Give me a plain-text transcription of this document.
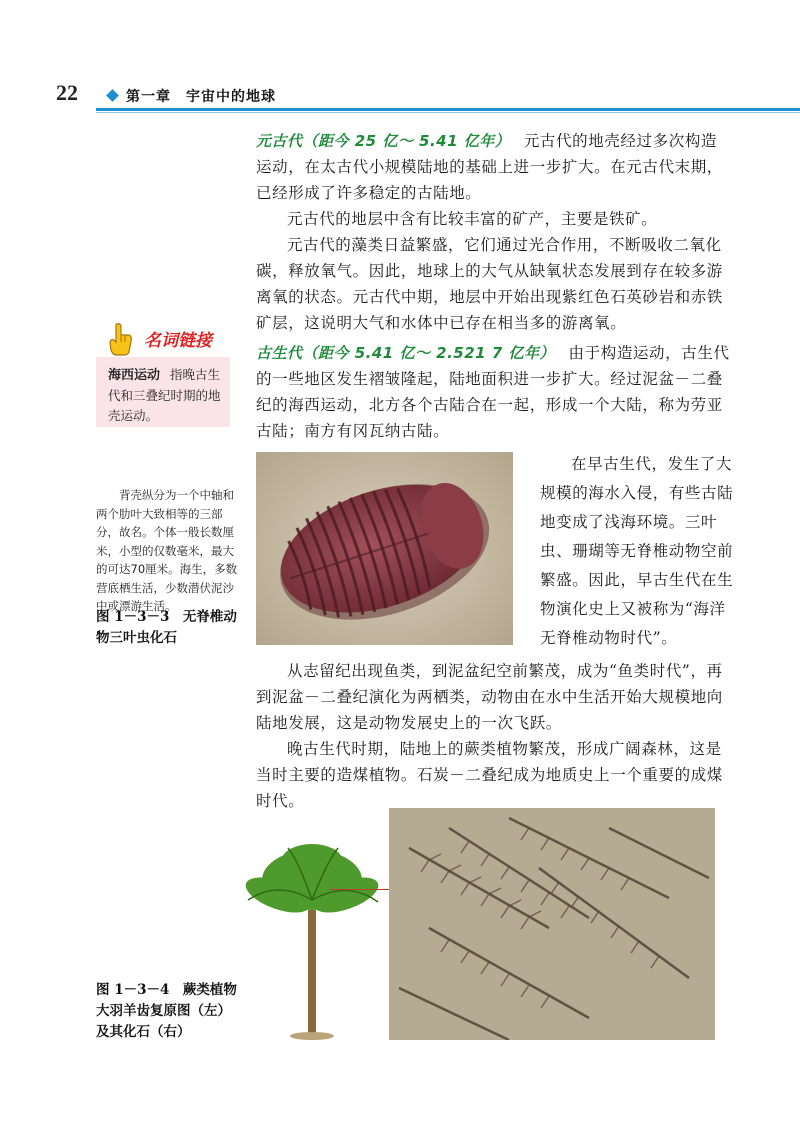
22	第一章　宇宙中的地球
元古代（距今 25 亿～ 5.41 亿年） 元古代的地壳经过多次构造运动，在太古代小规模陆地的基础上进一步扩大。在元古代末期，已经形成了许多稳定的古陆地。
元古代的地层中含有比较丰富的矿产，主要是铁矿。
元古代的藻类日益繁盛，它们通过光合作用，不断吸收二氧化碳，释放氧气。因此，地球上的大气从缺氧状态发展到存在较多游离氧的状态。元古代中期，地层中开始出现紫红色石英砂岩和赤铁矿层，这说明大气和水体中已存在相当多的游离氧。
名词链接
海西运动 指晚古生代和三叠纪时期的地壳运动。
古生代（距今 5.41 亿～ 2.521 7 亿年） 由于构造运动，古生代的一些地区发生褶皱隆起，陆地面积进一步扩大。经过泥盆－二叠纪的海西运动，北方各个古陆合在一起，形成一个大陆，称为劳亚古陆；南方有冈瓦纳古陆。
在早古生代，发生了大规模的海水入侵，有些古陆地变成了浅海环境。三叶虫、珊瑚等无脊椎动物空前繁盛。因此，早古生代在生物演化史上又被称为“海洋无脊椎动物时代”。
背壳纵分为一个中轴和两个肋叶大致相等的三部分，故名。个体一般长数厘米，小型的仅数毫米，最大的可达70厘米。海生，多数营底栖生活，少数潜伏泥沙中或漂游生活。
图 1－3－3　无脊椎动物三叶虫化石
从志留纪出现鱼类，到泥盆纪空前繁茂，成为“鱼类时代”，再到泥盆－二叠纪演化为两栖类，动物由在水中生活开始大规模地向陆地发展，这是动物发展史上的一次飞跃。
晚古生代时期，陆地上的蕨类植物繁茂，形成广阔森林，这是当时主要的造煤植物。石炭－二叠纪成为地质史上一个重要的成煤时代。
图 1－3－4　蕨类植物大羽羊齿复原图（左）及其化石（右）
